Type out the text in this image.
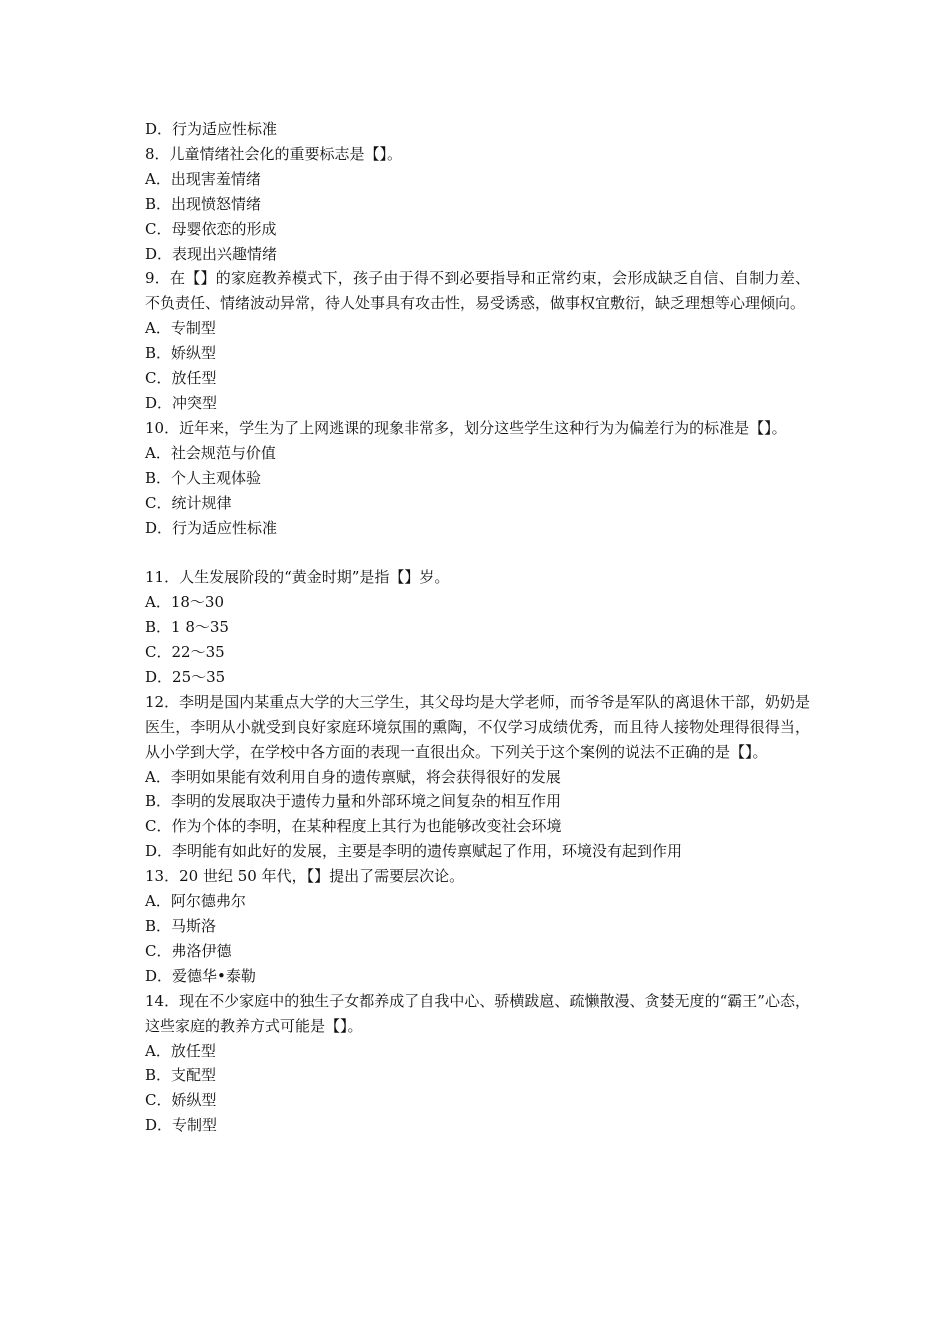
D．行为适应性标准
8．儿童情绪社会化的重要标志是【】。
A．出现害羞情绪
B．出现愤怒情绪
C．母婴依恋的形成
D．表现出兴趣情绪
9．在【】的家庭教养模式下，孩子由于得不到必要指导和正常约束，会形成缺乏自信、自制力差、不负责任、情绪波动异常，待人处事具有攻击性，易受诱惑，做事权宜敷衍，缺乏理想等心理倾向。
A．专制型
B．娇纵型
C．放任型
D．冲突型
10．近年来，学生为了上网逃课的现象非常多，划分这些学生这种行为为偏差行为的标准是【】。
A．社会规范与价值
B．个人主观体验
C．统计规律
D．行为适应性标准
11．人生发展阶段的“黄金时期”是指【】岁。
A．18～30
B．1 8～35
C．22～35
D．25～35
12．李明是国内某重点大学的大三学生，其父母均是大学老师，而爷爷是军队的离退休干部，奶奶是医生，李明从小就受到良好家庭环境氛围的熏陶，不仅学习成绩优秀，而且待人接物处理得很得当，从小学到大学，在学校中各方面的表现一直很出众。下列关于这个案例的说法不正确的是【】。
A．李明如果能有效利用自身的遗传禀赋，将会获得很好的发展
B．李明的发展取决于遗传力量和外部环境之间复杂的相互作用
C．作为个体的李明，在某种程度上其行为也能够改变社会环境
D．李明能有如此好的发展，主要是李明的遗传禀赋起了作用，环境没有起到作用
13．20 世纪 50 年代，【】提出了需要层次论。
A．阿尔德弗尔
B．马斯洛
C．弗洛伊德
D．爱德华•泰勒
14．现在不少家庭中的独生子女都养成了自我中心、骄横跋扈、疏懒散漫、贪婪无度的“霸王”心态，这些家庭的教养方式可能是【】。
A．放任型
B．支配型
C．娇纵型
D．专制型
